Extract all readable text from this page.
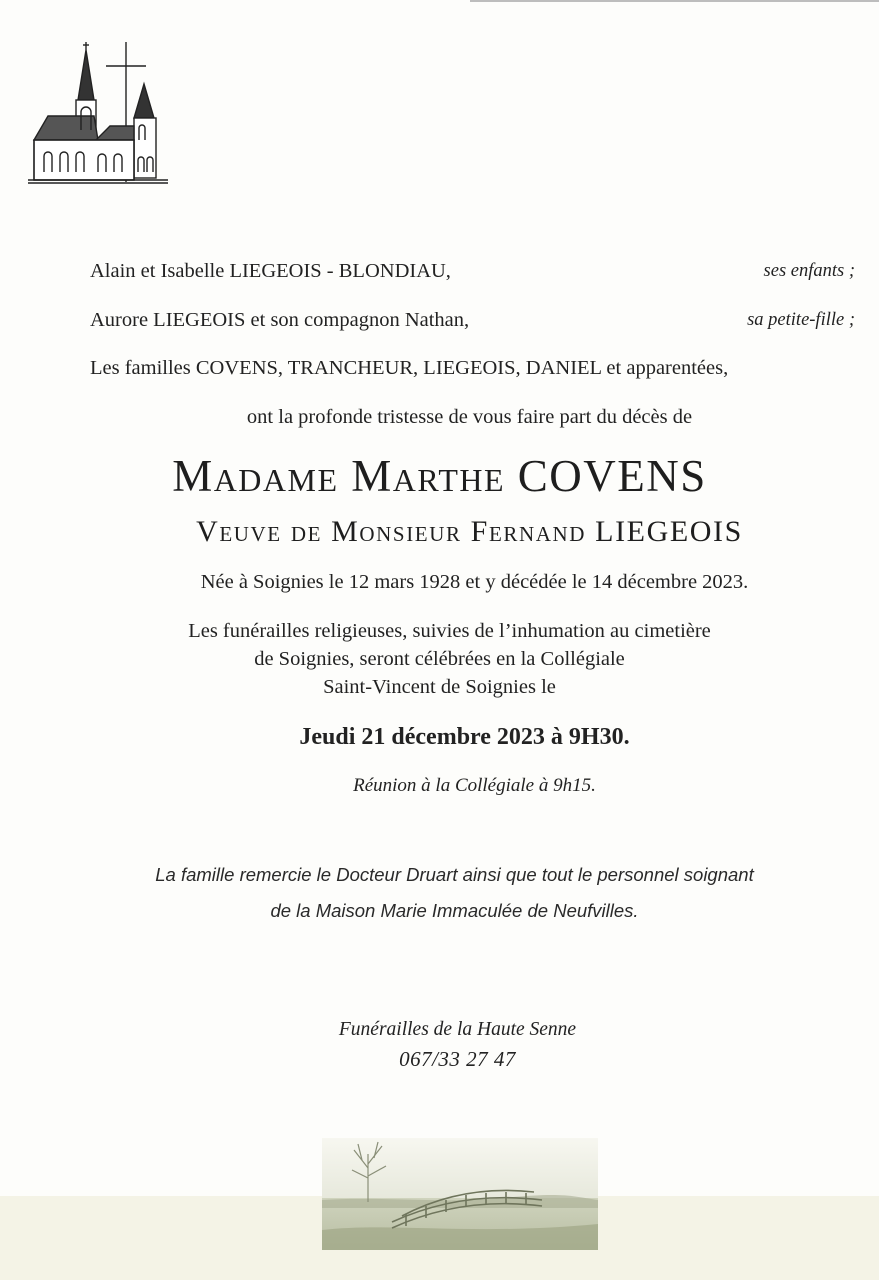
Alain et Isabelle LIEGEOIS - BLONDIAU,	ses enfants ;
Aurore LIEGEOIS et son compagnon Nathan,	sa petite-fille ;
Les familles COVENS, TRANCHEUR, LIEGEOIS, DANIEL et apparentées,
ont la profonde tristesse de vous faire part du décès de
Madame Marthe COVENS
Veuve de Monsieur Fernand LIEGEOIS
Née à Soignies le 12 mars 1928 et y décédée le 14 décembre 2023.
Les funérailles religieuses, suivies de l’inhumation au cimetière
de Soignies, seront célébrées en la Collégiale
Saint-Vincent de Soignies le
Jeudi 21 décembre 2023 à 9H30.
Réunion à la Collégiale à 9h15.
La famille remercie le Docteur Druart ainsi que tout le personnel soignant
de la Maison Marie Immaculée de Neufvilles.
Funérailles de la Haute Senne
067/33 27 47
